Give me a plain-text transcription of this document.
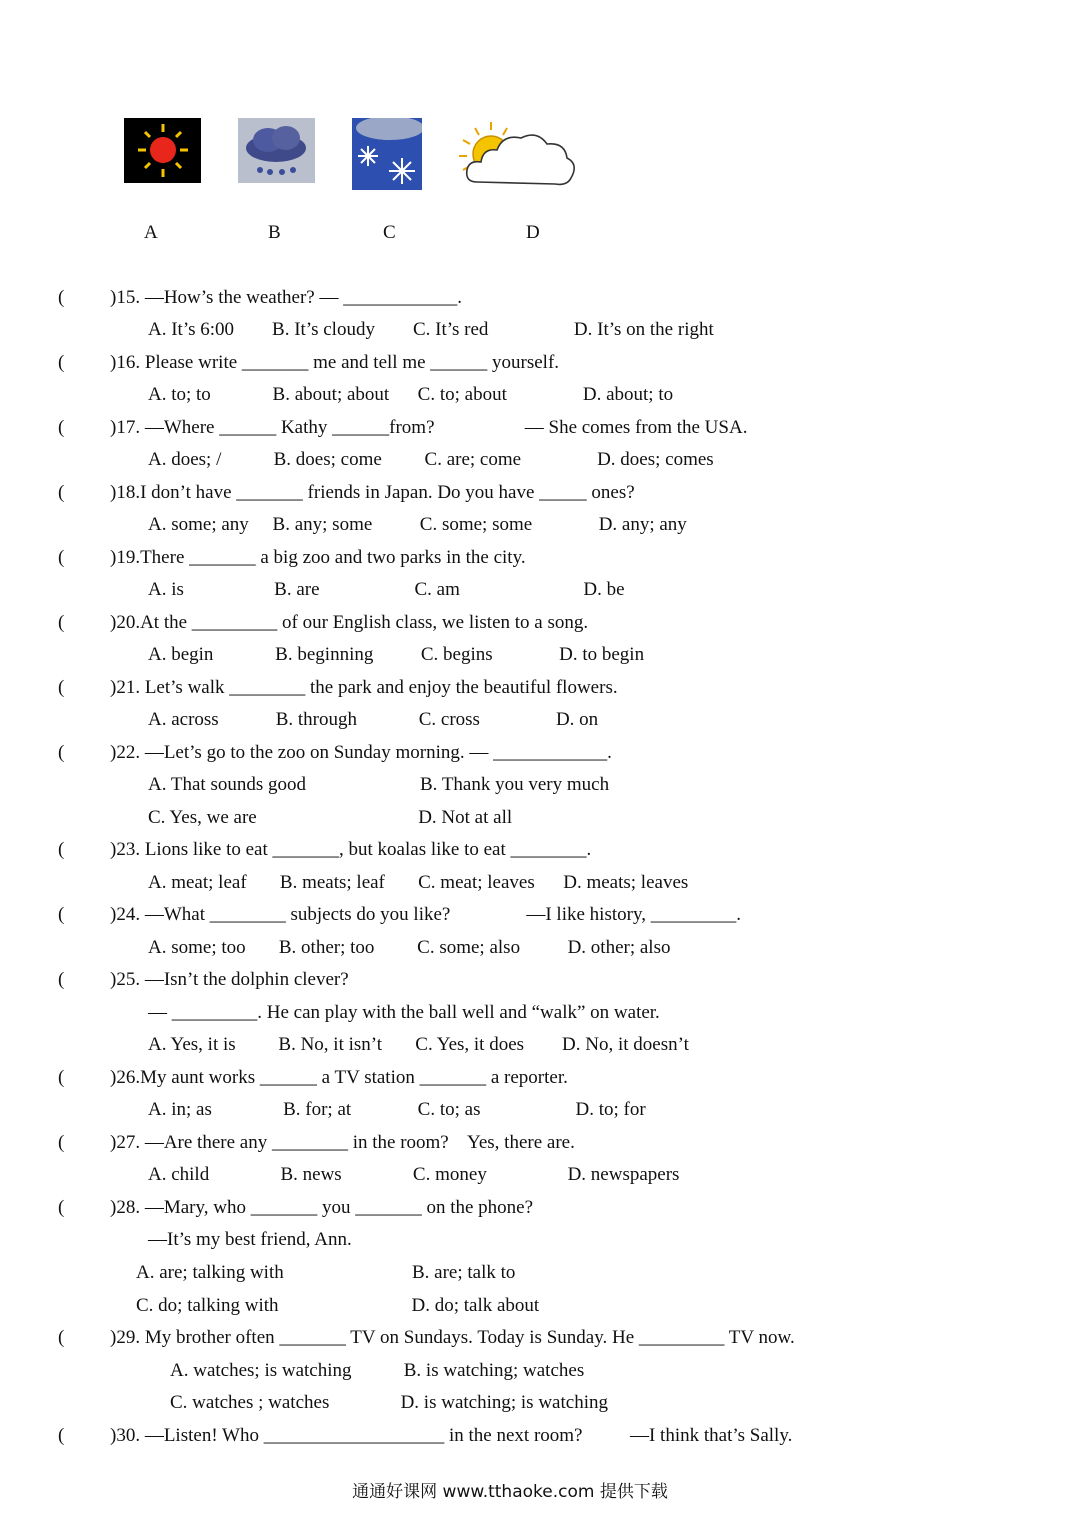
A	B	C	D
(
(
(
(
(
(
(
(
(
(
(
(
(
(
(
(
)15. ―How’s the weather? ― ____________.
A. It’s 6:00        B. It’s cloudy        C. It’s red                  D. It’s on the right
)16. Please write _______ me and tell me ______ yourself.
A. to; to             B. about; about      C. to; about                D. about; to
)17. ―Where ______ Kathy ______from?                   ― She comes from the USA.
A. does; /           B. does; come         C. are; come                D. does; comes
)18.I don’t have _______ friends in Japan. Do you have _____ ones?
A. some; any     B. any; some          C. some; some              D. any; any
)19.There _______ a big zoo and two parks in the city.
A. is                   B. are                    C. am                          D. be
)20.At the _________ of our English class, we listen to a song.
A. begin             B. beginning          C. begins              D. to begin
)21. Let’s walk ________ the park and enjoy the beautiful flowers.
A. across            B. through             C. cross                D. on
)22. ―Let’s go to the zoo on Sunday morning. ― ____________.
A. That sounds good                        B. Thank you very much
C. Yes, we are                                  D. Not at all
)23. Lions like to eat _______, but koalas like to eat ________.
A. meat; leaf       B. meats; leaf       C. meat; leaves      D. meats; leaves
)24. ―What ________ subjects do you like?                ―I like history, _________.
A. some; too       B. other; too         C. some; also          D. other; also
)25. ―Isn’t the dolphin clever?
― _________. He can play with the ball well and “walk” on water.
A. Yes, it is         B. No, it isn’t       C. Yes, it does        D. No, it doesn’t
)26.My aunt works ______ a TV station _______ a reporter.
A. in; as               B. for; at              C. to; as                    D. to; for
)27. ―Are there any ________ in the room?    Yes, there are.
A. child               B. news               C. money                 D. newspapers
)28. ―Mary, who _______ you _______ on the phone?
―It’s my best friend, Ann.
A. are; talking with                           B. are; talk to
C. do; talking with                            D. do; talk about
)29. My brother often _______ TV on Sundays. Today is Sunday. He _________ TV now.
A. watches; is watching           B. is watching; watches
C. watches ; watches               D. is watching; is watching
)30. ―Listen! Who ___________________ in the next room?          ―I think that’s Sally.
通通好课网 www.tthaoke.com 提供下载
